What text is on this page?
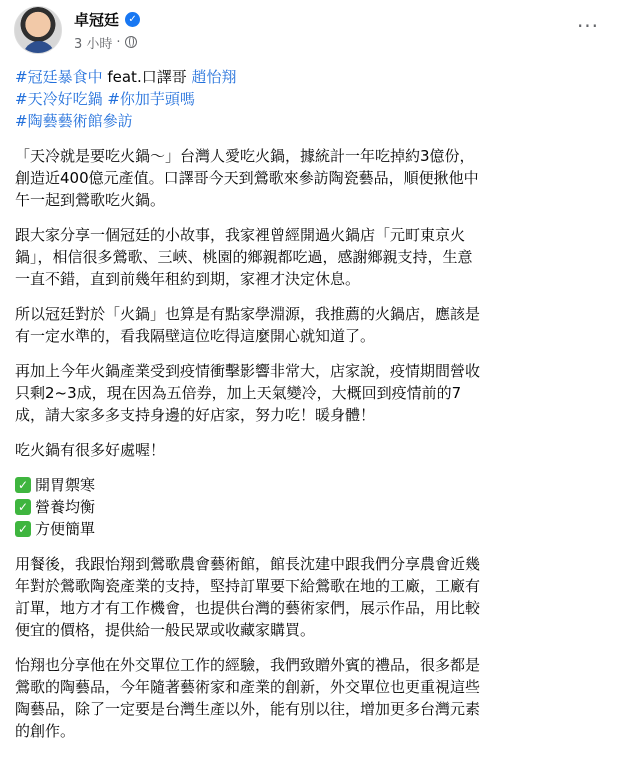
卓冠廷 ✓
3 小時 ·
···
#冠廷暴食中 feat.口譯哥 趙怡翔
#天冷好吃鍋 #你加芋頭嗎
#陶藝藝術館參訪
「天冷就是要吃火鍋～」台灣人愛吃火鍋，據統計一年吃掉約3億份，
創造近400億元產值。口譯哥今天到鶯歌來參訪陶瓷藝品，順便揪他中
午一起到鶯歌吃火鍋。
跟大家分享一個冠廷的小故事，我家裡曾經開過火鍋店「元町東京火
鍋」，相信很多鶯歌、三峽、桃園的鄉親都吃過，感謝鄉親支持，生意
一直不錯，直到前幾年租約到期，家裡才決定休息。
所以冠廷對於「火鍋」也算是有點家學淵源，我推薦的火鍋店，應該是
有一定水準的，看我隔壁這位吃得這麼開心就知道了。
再加上今年火鍋產業受到疫情衝擊影響非常大，店家說，疫情期間營收
只剩2~3成，現在因為五倍券，加上天氣變冷，大概回到疫情前的7
成，請大家多多支持身邊的好店家，努力吃！暖身體！
吃火鍋有很多好處喔！
✓ 開胃禦寒
✓ 營養均衡
✓ 方便簡單
用餐後，我跟怡翔到鶯歌農會藝術館，館長沈建中跟我們分享農會近幾
年對於鶯歌陶瓷產業的支持，堅持訂單要下給鶯歌在地的工廠，工廠有
訂單，地方才有工作機會，也提供台灣的藝術家們，展示作品，用比較
便宜的價格，提供給一般民眾或收藏家購買。
怡翔也分享他在外交單位工作的經驗，我們致贈外賓的禮品，很多都是
鶯歌的陶藝品，今年隨著藝術家和產業的創新，外交單位也更重視這些
陶藝品，除了一定要是台灣生產以外，能有別以往，增加更多台灣元素
的創作。
